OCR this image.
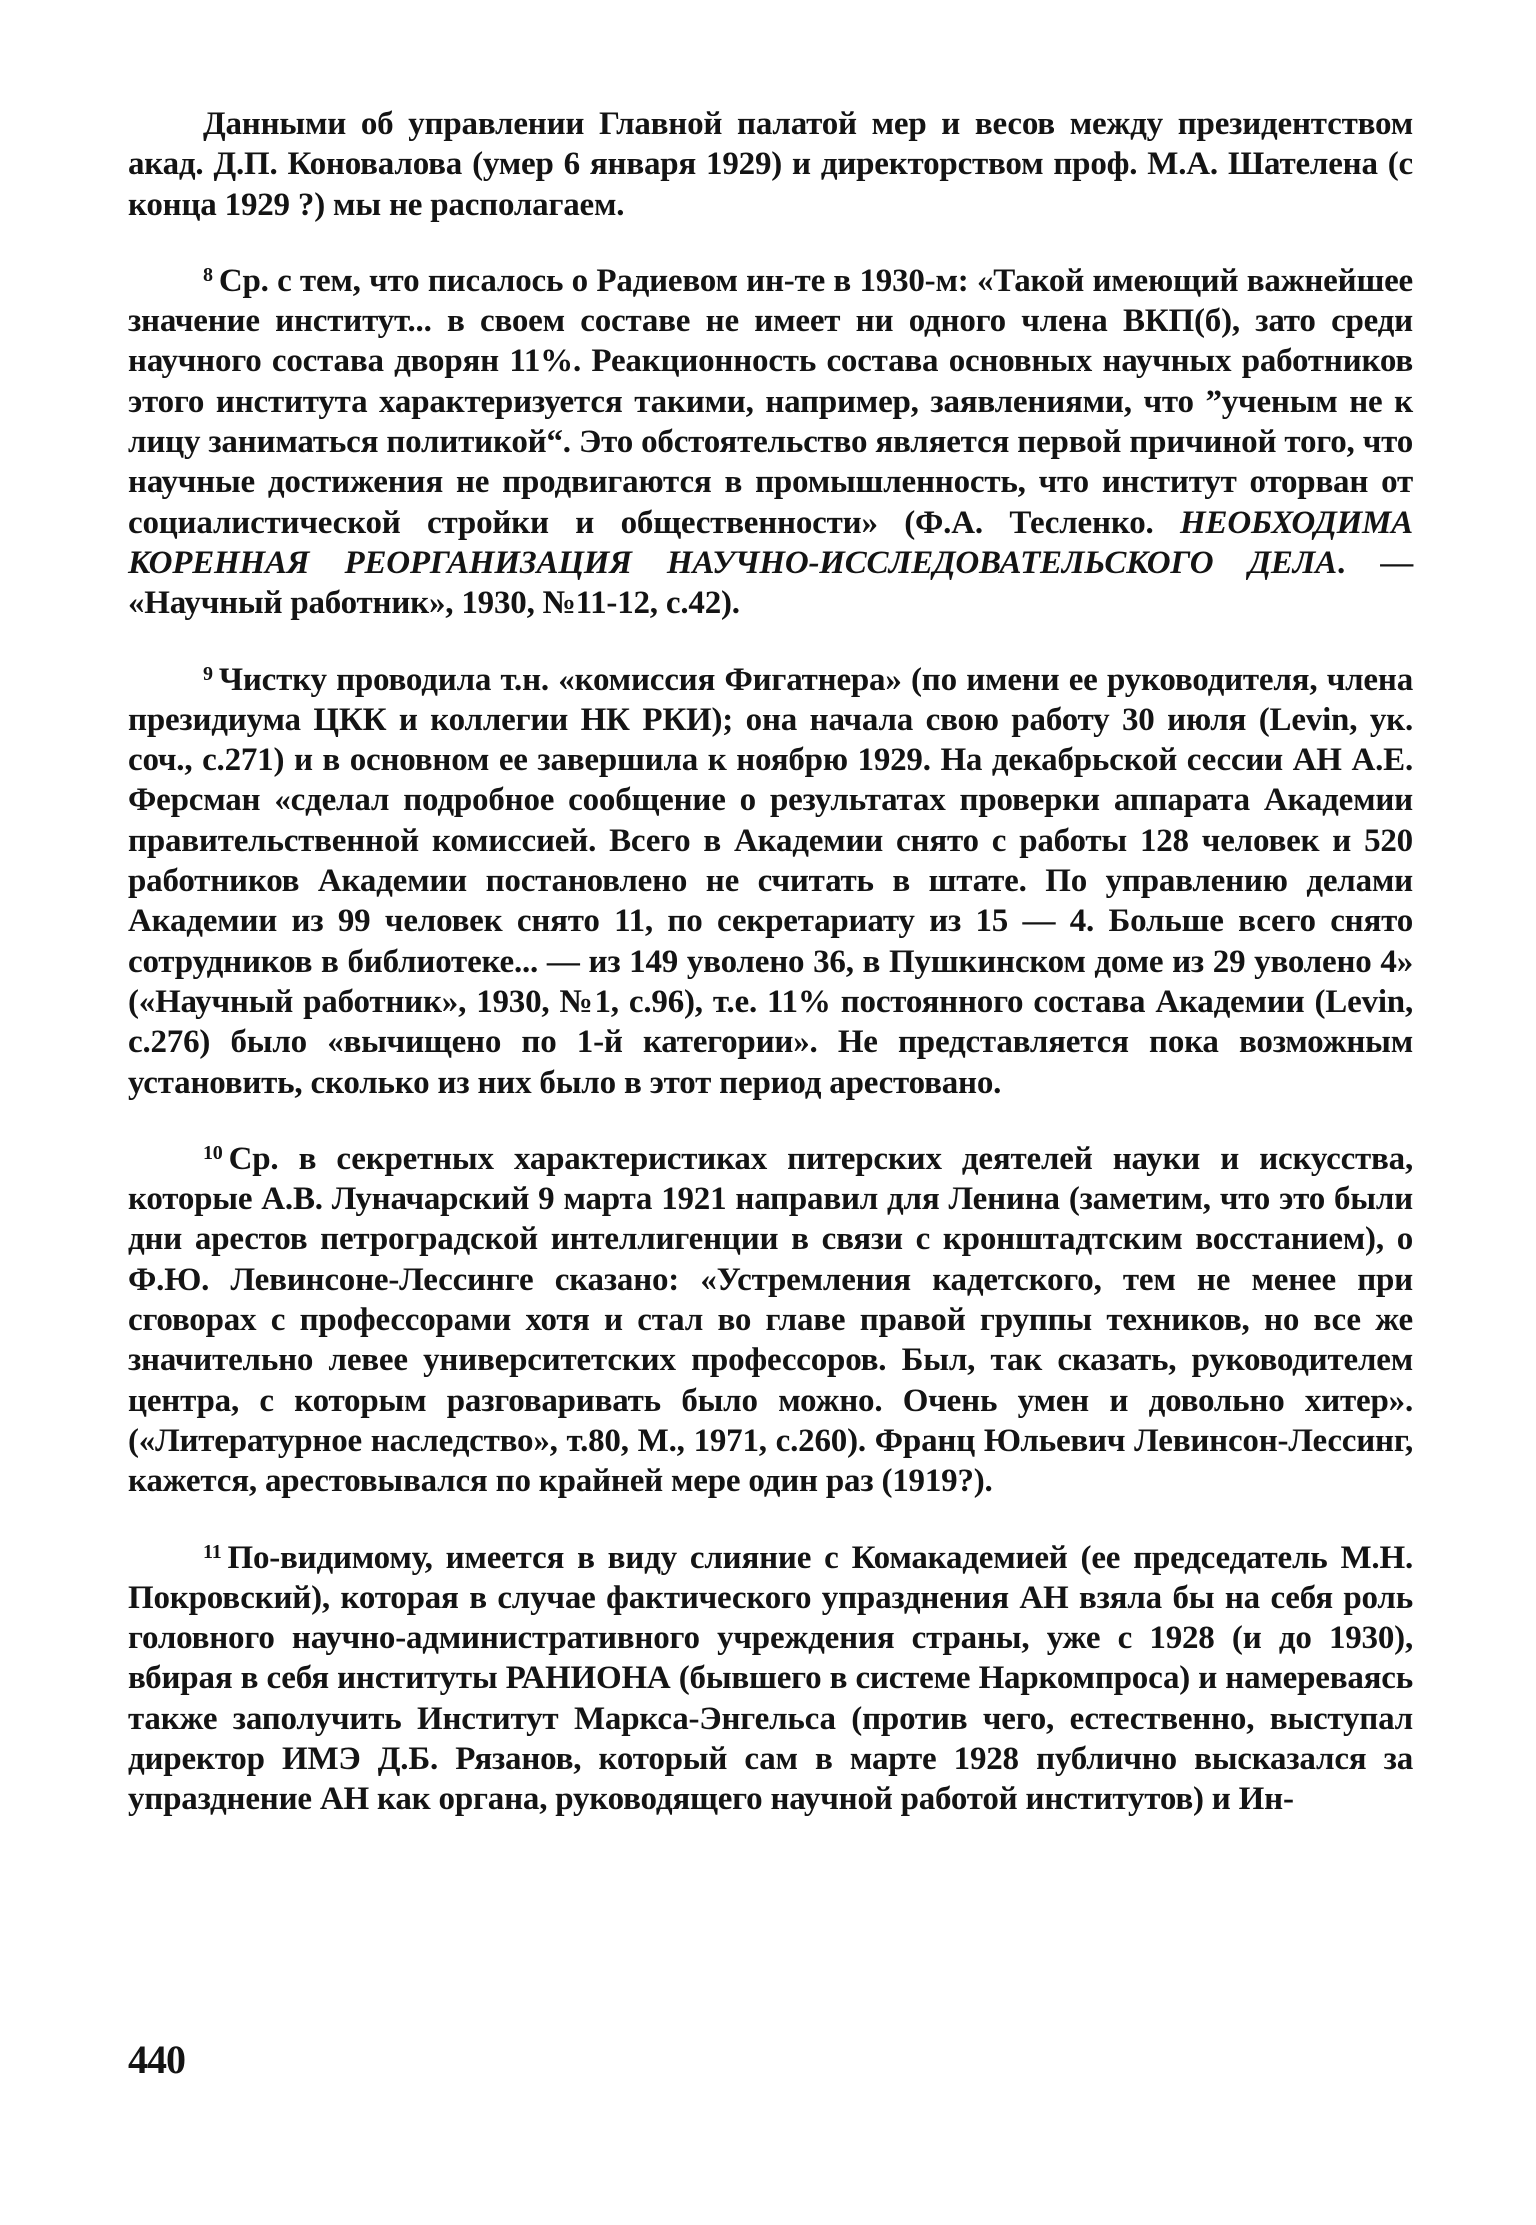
Данными об управлении Главной палатой мер и весов между президентством акад. Д.П. Коновалова (умер 6 января 1929) и директорством проф. М.А. Шателена (с конца 1929 ?) мы не располагаем.

$^8$ Ср. с тем, что писалось о Радиевом ин-те в 1930-м: «Такой имеющий важнейшее значение институт... в своем составе не имеет ни одного члена ВКП(б), зато среди научного состава дворян 11%. Реакционность состава основных научных работников этого института характеризуется такими, например, заявлениями, что ”ученым не к лицу заниматься политикой“. Это обстоятельство является первой причиной того, что научные достижения не продвигаются в промышленность, что институт оторван от социалистической стройки и общественности» (Ф.А. Тесленко. НЕОБХОДИМА КОРЕННАЯ РЕОРГАНИЗАЦИЯ НАУЧНО-ИССЛЕДОВАТЕЛЬСКОГО ДЕЛА. — «Научный работник», 1930, №11-12, с.42).

$^9$ Чистку проводила т.н. «комиссия Фигатнера» (по имени ее руководителя, члена президиума ЦКК и коллегии НК РКИ); она начала свою работу 30 июля (Levin, ук. соч., с.271) и в основном ее завершила к ноябрю 1929. На декабрьской сессии АН А.Е. Ферсман «сделал подробное сообщение о результатах проверки аппарата Академии правительственной комиссией. Всего в Академии снято с работы 128 человек и 520 работников Академии постановлено не считать в штате. По управлению делами Академии из 99 человек снято 11, по секретариату из 15 — 4. Больше всего снято сотрудников в библиотеке... — из 149 уволено 36, в Пушкинском доме из 29 уволено 4» («Научный работник», 1930, №1, с.96), т.е. 11% постоянного состава Академии (Levin, с.276) было «вычищено по 1-й категории». Не представляется пока возможным установить, сколько из них было в этот период арестовано.

$^{10}$ Ср. в секретных характеристиках питерских деятелей науки и искусства, которые А.В. Луначарский 9 марта 1921 направил для Ленина (заметим, что это были дни арестов петроградской интеллигенции в связи с кронштадтским восстанием), о Ф.Ю. Левинсоне-Лессинге сказано: «Устремления кадетского, тем не менее при сговорах с профессорами хотя и стал во главе правой группы техников, но все же значительно левее университетских профессоров. Был, так сказать, руководителем центра, с которым разговаривать было можно. Очень умен и довольно хитер». («Литературное наследство», т.80, М., 1971, с.260). Франц Юльевич Левинсон-Лессинг, кажется, арестовывался по крайней мере один раз (1919?).

$^{11}$ По-видимому, имеется в виду слияние с Комакадемией (ее председатель М.Н. Покровский), которая в случае фактического упразднения АН взяла бы на себя роль головного научно-административного учреждения страны, уже с 1928 (и до 1930), вбирая в себя институты РАНИОНА (бывшего в системе Наркомпроса) и намереваясь также заполучить Институт Маркса-Энгельса (против чего, естественно, выступал директор ИМЭ Д.Б. Рязанов, который сам в марте 1928 публично высказался за упразднение АН как органа, руководящего научной работой институтов) и Ин-

440
